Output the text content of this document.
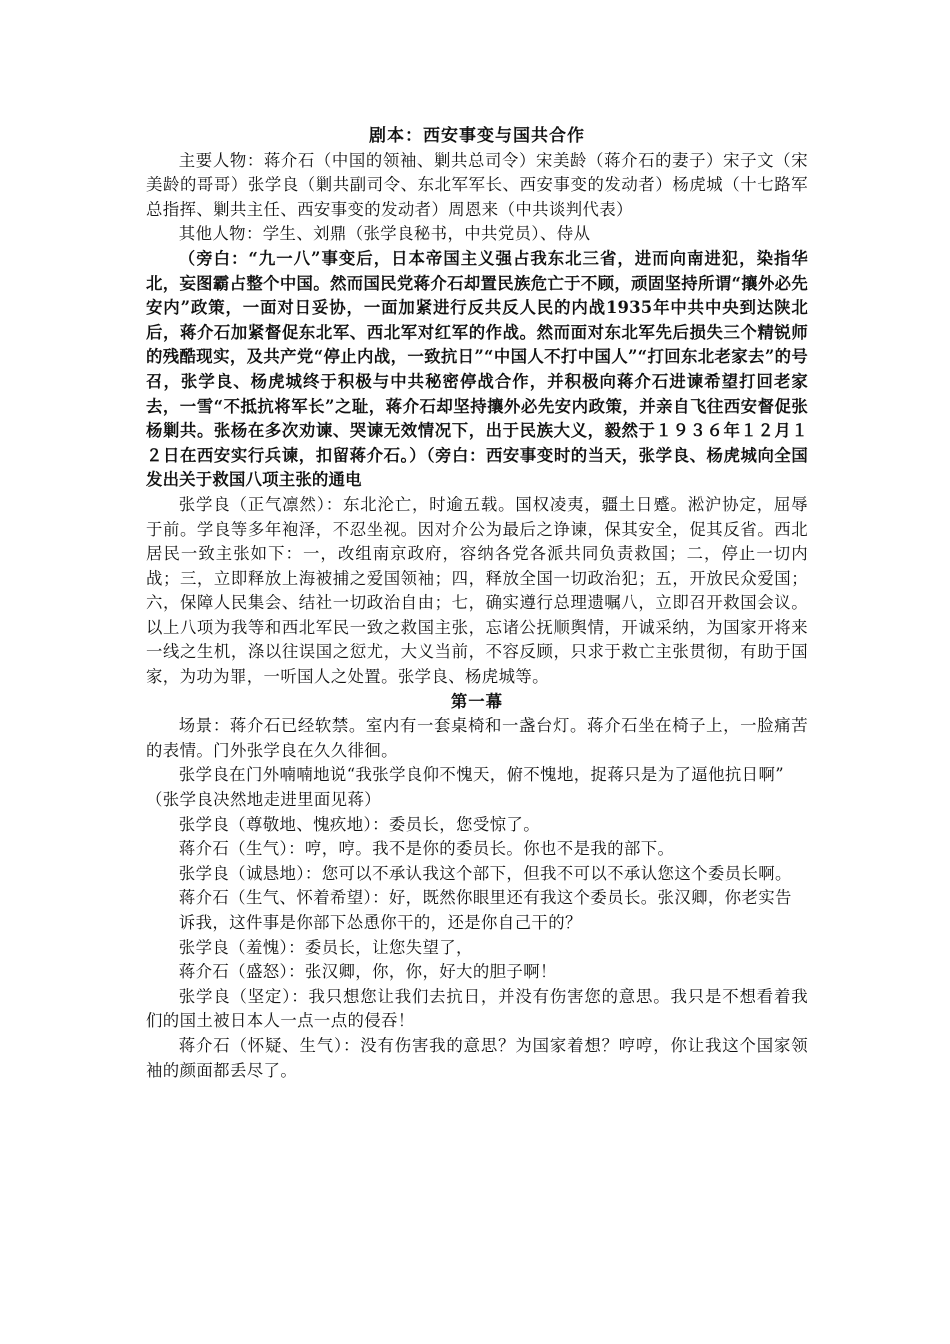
剧本：西安事变与国共合作

主要人物：蒋介石（中国的领袖、剿共总司令）宋美龄（蒋介石的妻子）宋子文（宋美龄的哥哥）张学良（剿共副司令、东北军军长、西安事变的发动者）杨虎城（十七路军总指挥、剿共主任、西安事变的发动者）周恩来（中共谈判代表）

其他人物：学生、刘鼎（张学良秘书，中共党员）、侍从

（旁白：“九一八”事变后，日本帝国主义强占我东北三省，进而向南进犯，染指华北，妄图霸占整个中国。然而国民党蒋介石却置民族危亡于不顾，顽固坚持所谓“攘外必先安内”政策，一面对日妥协，一面加紧进行反共反人民的内战1935年中共中央到达陕北后，蒋介石加紧督促东北军、西北军对红军的作战。然而面对东北军先后损失三个精锐师的残酷现实，及共产党“停止内战，一致抗日”“中国人不打中国人”“打回东北老家去”的号召，张学良、杨虎城终于积极与中共秘密停战合作，并积极向蒋介石进谏希望打回老家去，一雪“不抵抗将军长”之耻，蒋介石却坚持攘外必先安内政策，并亲自飞往西安督促张杨剿共。张杨在多次劝谏、哭谏无效情况下，出于民族大义，毅然于１９３６年１２月１２日在西安实行兵谏，扣留蒋介石。）（旁白：西安事变时的当天，张学良、杨虎城向全国发出关于救国八项主张的通电

张学良（正气凛然）：东北沦亡，时逾五载。国权凌夷，疆土日蹙。淞沪协定，屈辱于前。学良等多年袍泽，不忍坐视。因对介公为最后之诤谏，保其安全，促其反省。西北居民一致主张如下：一，改组南京政府，容纳各党各派共同负责救国；二，停止一切内战；三，立即释放上海被捕之爱国领袖；四，释放全国一切政治犯；五，开放民众爱国；六，保障人民集会、结社一切政治自由；七，确实遵行总理遗嘱八，立即召开救国会议。以上八项为我等和西北军民一致之救国主张，忘诸公抚顺舆情，开诚采纳，为国家开将来一线之生机，涤以往误国之愆尤，大义当前，不容反顾，只求于救亡主张贯彻，有助于国家，为功为罪，一听国人之处置。张学良、杨虎城等。

第一幕

场景：蒋介石已经软禁。室内有一套桌椅和一盏台灯。蒋介石坐在椅子上，一脸痛苦的表情。门外张学良在久久徘徊。

张学良在门外喃喃地说“我张学良仰不愧天，俯不愧地，捉蒋只是为了逼他抗日啊”

（张学良决然地走进里面见蒋）

张学良（尊敬地、愧疚地）：委员长，您受惊了。

蒋介石（生气）：哼，哼。我不是你的委员长。你也不是我的部下。

张学良（诚恳地）：您可以不承认我这个部下，但我不可以不承认您这个委员长啊。

蒋介石（生气、怀着希望）：好，既然你眼里还有我这个委员长。张汉卿，你老实告

诉我，这件事是你部下怂恿你干的，还是你自己干的？

张学良（羞愧）：委员长，让您失望了，

蒋介石（盛怒）：张汉卿，你，你，好大的胆子啊！

张学良（坚定）：我只想您让我们去抗日，并没有伤害您的意思。我只是不想看着我们的国土被日本人一点一点的侵吞！

蒋介石（怀疑、生气）：没有伤害我的意思？为国家着想？哼哼，你让我这个国家领袖的颜面都丢尽了。
